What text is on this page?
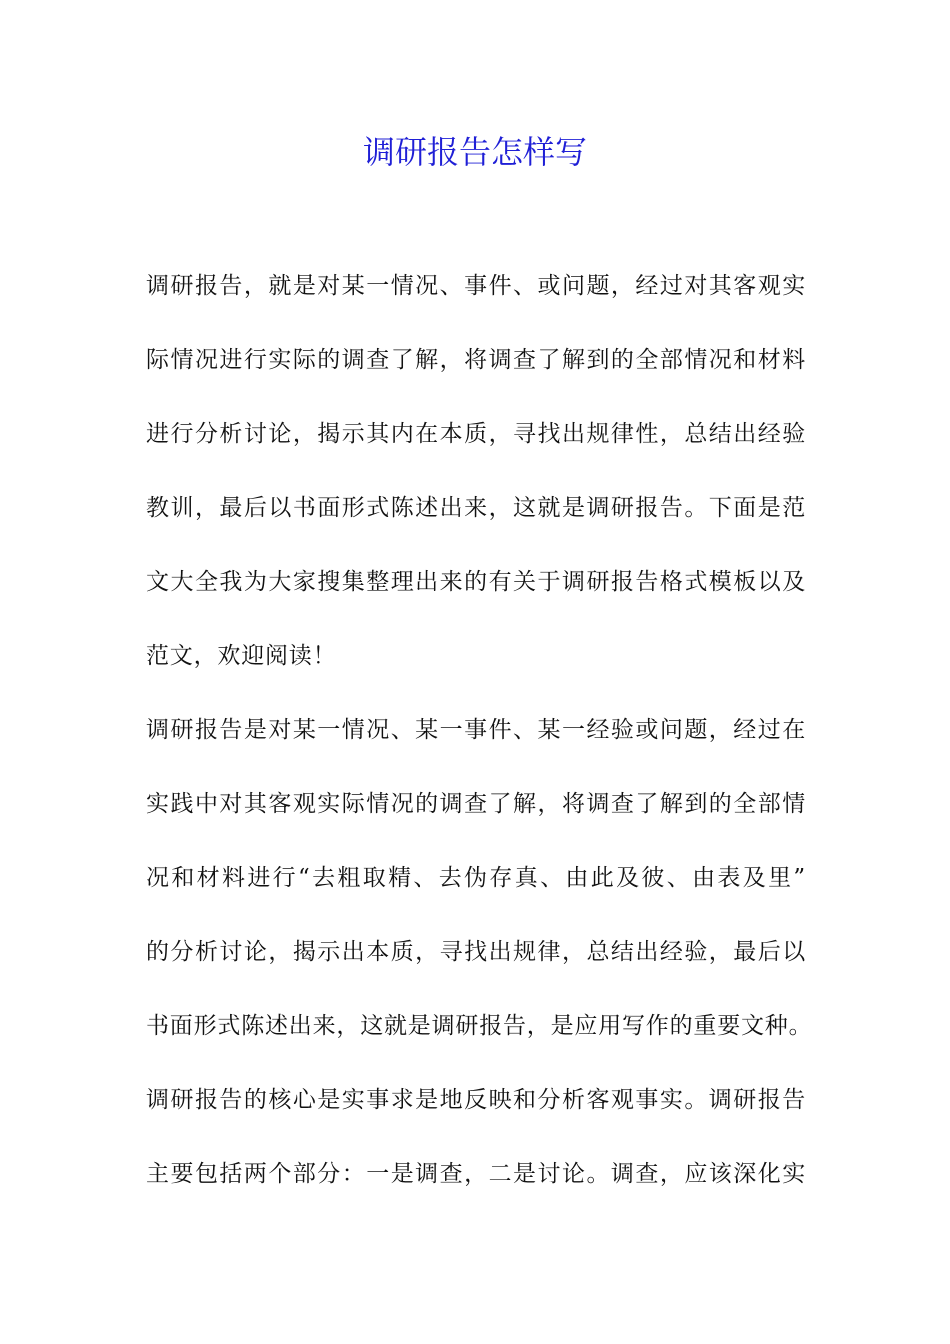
调研报告怎样写
调研报告，就是对某一情况、事件、或问题，经过对其客观实
际情况进行实际的调查了解，将调查了解到的全部情况和材料
进行分析讨论，揭示其内在本质，寻找出规律性，总结出经验
教训，最后以书面形式陈述出来，这就是调研报告。下面是范
文大全我为大家搜集整理出来的有关于调研报告格式模板以及
范文，欢迎阅读！
调研报告是对某一情况、某一事件、某一经验或问题，经过在
实践中对其客观实际情况的调查了解，将调查了解到的全部情
况和材料进行“去粗取精、去伪存真、由此及彼、由表及里”
的分析讨论，揭示出本质，寻找出规律，总结出经验，最后以
书面形式陈述出来，这就是调研报告，是应用写作的重要文种。
调研报告的核心是实事求是地反映和分析客观事实。调研报告
主要包括两个部分：一是调查，二是讨论。调查，应该深化实
